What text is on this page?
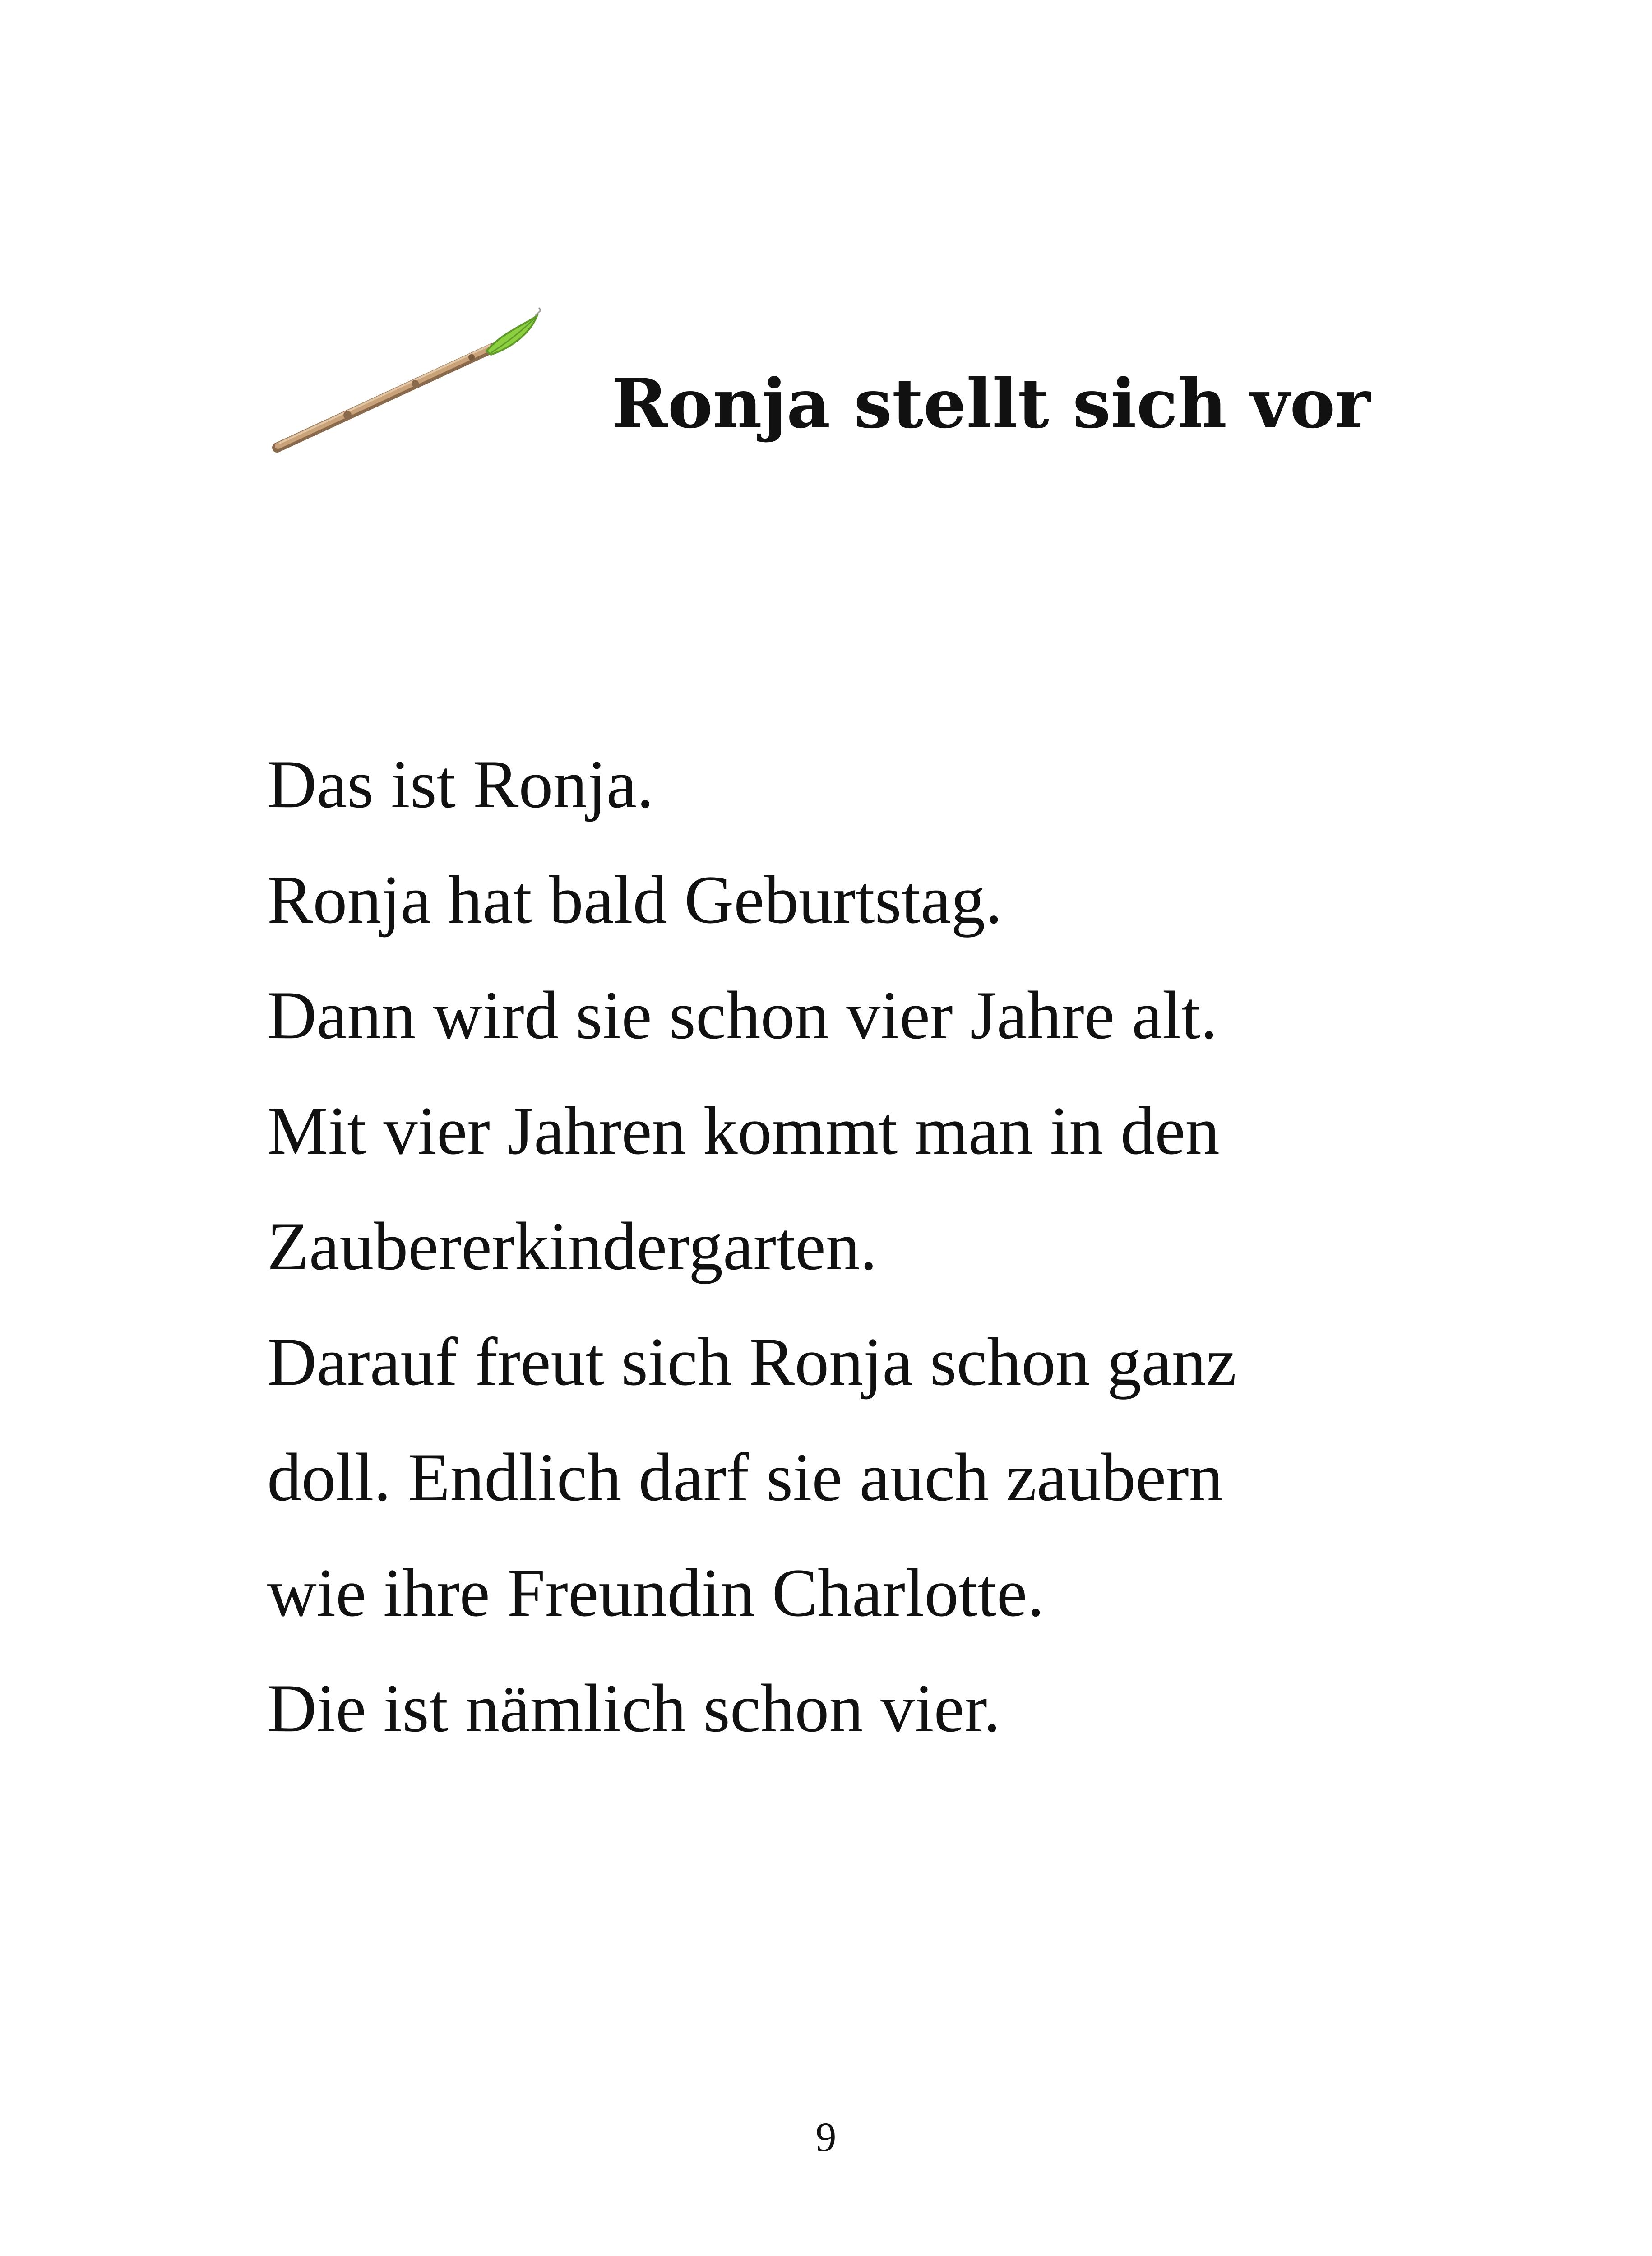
Ronja stellt sich vor
Das ist Ronja.
Ronja hat bald Geburtstag.
Dann wird sie schon vier Jahre alt.
Mit vier Jahren kommt man in den
Zaubererkindergarten.
Darauf freut sich Ronja schon ganz
doll. Endlich darf sie auch zaubern
wie ihre Freundin Charlotte.
Die ist nämlich schon vier.
9
